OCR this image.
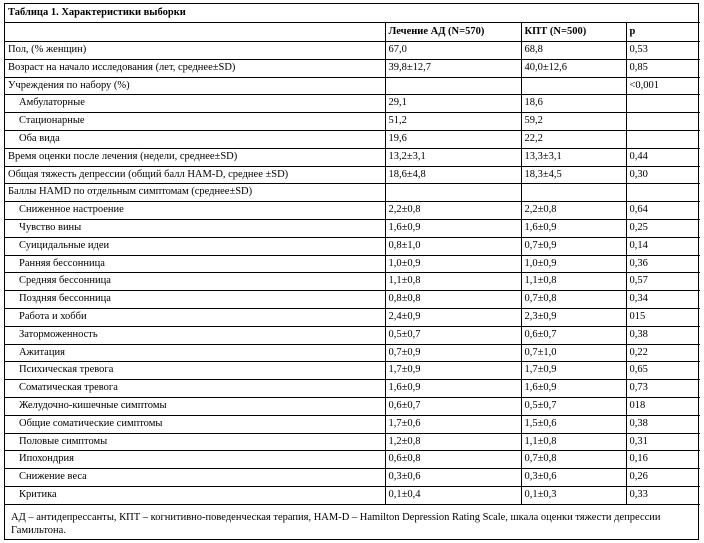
Таблица 1. Характеристики выборки			
	Лечение АД (N=570)	КПТ (N=500)	p
Пол, (% женщин)	67,0	68,8	0,53
Возраст на начало исследования (лет, среднее±SD)	39,8±12,7	40,0±12,6	0,85
Учреждения по набору (%)			<0,001
Амбулаторные	29,1	18,6	
Стационарные	51,2	59,2	
Оба вида	19,6	22,2	
Время оценки после лечения (недели, среднее±SD)	13,2±3,1	13,3±3,1	0,44
Общая тяжесть депрессии (общий балл HAM-D, среднее ±SD)	18,6±4,8	18,3±4,5	0,30
Баллы HAMD по отдельным симптомам (среднее±SD)			
Сниженное настроение	2,2±0,8	2,2±0,8	0,64
Чувство вины	1,6±0,9	1,6±0,9	0,25
Суицидальные идеи	0,8±1,0	0,7±0,9	0,14
Ранняя бессонница	1,0±0,9	1,0±0,9	0,36
Средняя бессонница	1,1±0,8	1,1±0,8	0,57
Поздняя бессонница	0,8±0,8	0,7±0,8	0,34
Работа и хобби	2,4±0,9	2,3±0,9	015
Заторможенность	0,5±0,7	0,6±0,7	0,38
Ажитация	0,7±0,9	0,7±1,0	0,22
Психическая тревога	1,7±0,9	1,7±0,9	0,65
Соматическая тревога	1,6±0,9	1,6±0,9	0,73
Желудочно-кишечные симптомы	0,6±0,7	0,5±0,7	018
Общие соматические симптомы	1,7±0,6	1,5±0,6	0,38
Половые симптомы	1,2±0,8	1,1±0,8	0,31
Ипохондрия	0,6±0,8	0,7±0,8	0,16
Снижение веса	0,3±0,6	0,3±0,6	0,26
Критика	0,1±0,4	0,1±0,3	0,33
АД – антидепрессанты, КПТ – когнитивно-поведенческая терапия, HAM-D – Hamilton Depression Rating Scale, шкала оценки тяжести депрессии Гамильтона.
